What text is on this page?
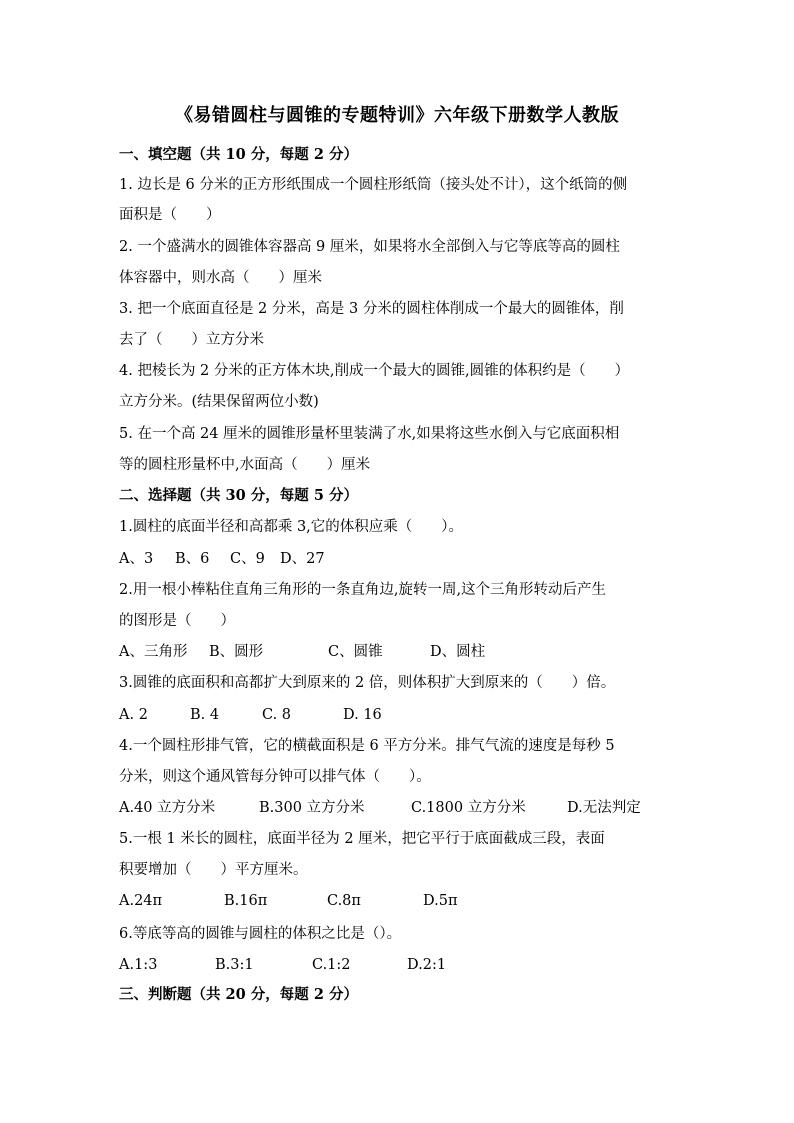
《易错圆柱与圆锥的专题特训》六年级下册数学人教版
一、填空题（共 10 分，每题 2 分）
1. 边长是 6 分米的正方形纸围成一个圆柱形纸筒（接头处不计），这个纸筒的侧
面积是（　　）
2. 一个盛满水的圆锥体容器高 9 厘米，如果将水全部倒入与它等底等高的圆柱
体容器中，则水高（　　）厘米
3. 把一个底面直径是 2 分米，高是 3 分米的圆柱体削成一个最大的圆锥体，削
去了（　　）立方分米
4. 把棱长为 2 分米的正方体木块,削成一个最大的圆锥,圆锥的体积约是（　　）
立方分米。(结果保留两位小数)
5. 在一个高 24 厘米的圆锥形量杯里装满了水,如果将这些水倒入与它底面积相
等的圆柱形量杯中,水面高（　　）厘米
二、选择题（共 30 分，每题 5 分）
1.圆柱的底面半径和高都乘 3,它的体积应乘（　　）。
A、3 B、6 C、9 D、27
2.用一根小棒粘住直角三角形的一条直角边,旋转一周,这个三角形转动后产生
的图形是（　　）
A、三角形 B、圆形	C、圆锥	D、圆柱
3.圆锥的底面积和高都扩大到原来的 2 倍，则体积扩大到原来的（　　）倍。
A. 2	B. 4	C. 8	D. 16
4.一个圆柱形排气管，它的横截面积是 6 平方分米。排气气流的速度是每秒 5
分米，则这个通风管每分钟可以排气体（　　）。
A.40 立方分米	B.300 立方分米	C.1800 立方分米	D.无法判定
5.一根 1 米长的圆柱，底面半径为 2 厘米，把它平行于底面截成三段，表面
积要增加（　　）平方厘米。
A.24π	B.16π	C.8π	D.5π
6.等底等高的圆锥与圆柱的体积之比是（）。
A.1:3	B.3:1	C.1:2	D.2:1
三、判断题（共 20 分，每题 2 分）
